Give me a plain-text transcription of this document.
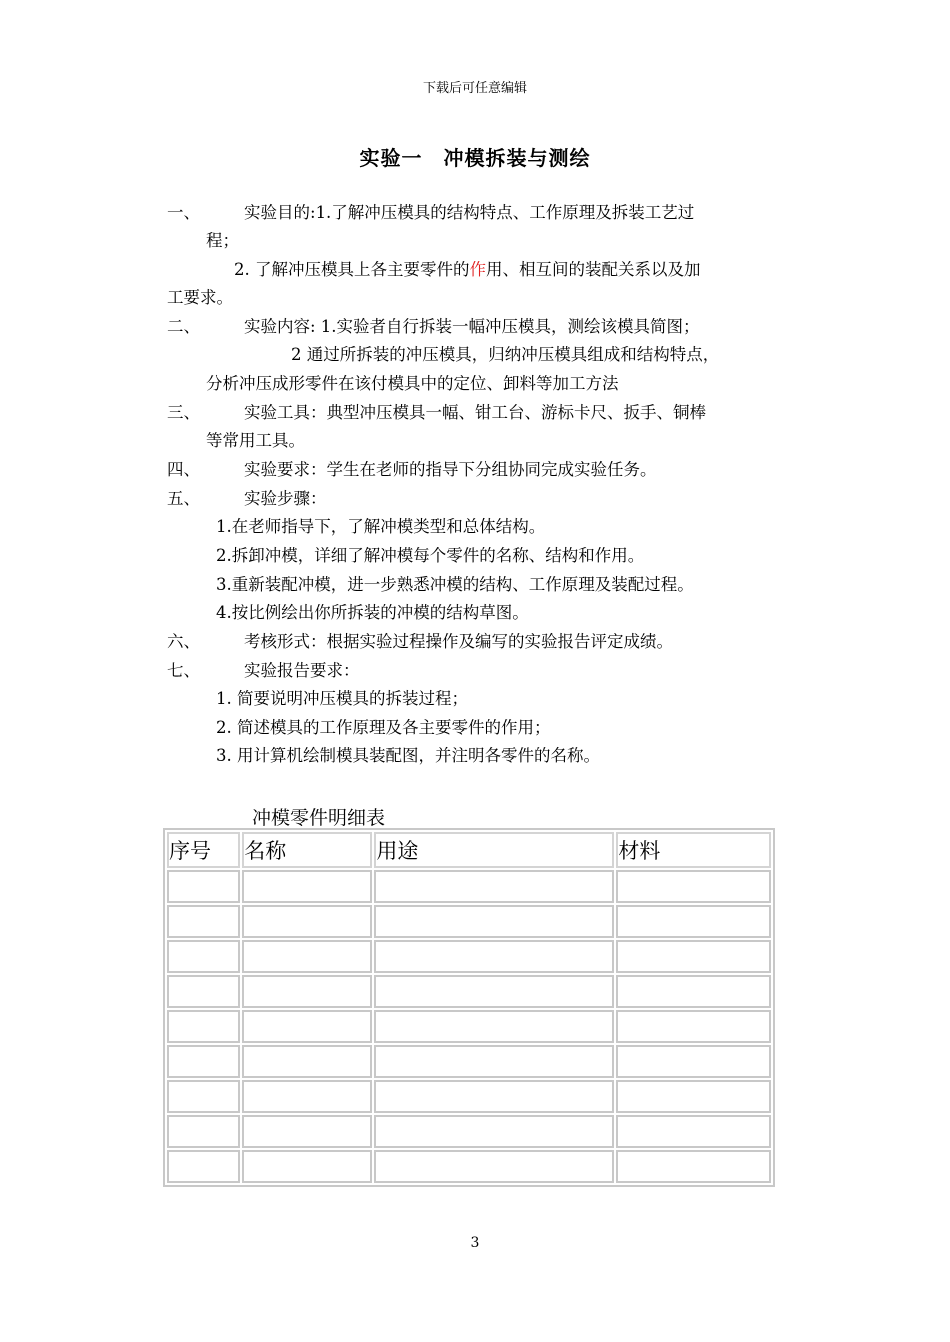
下载后可任意编辑
实验一　冲模拆装与测绘
一、	实验目的:1.了解冲压模具的结构特点、工作原理及拆装工艺过
程；
2. 了解冲压模具上各主要零件的作用、相互间的装配关系以及加
工要求。
二、	实验内容: 1.实验者自行拆装一幅冲压模具，测绘该模具简图；
2 通过所拆装的冲压模具，归纳冲压模具组成和结构特点，
分析冲压成形零件在该付模具中的定位、卸料等加工方法
三、	实验工具：典型冲压模具一幅、钳工台、游标卡尺、扳手、铜棒
等常用工具。
四、	实验要求：学生在老师的指导下分组协同完成实验任务。
五、	实验步骤：
1.在老师指导下，了解冲模类型和总体结构。
2.拆卸冲模，详细了解冲模每个零件的名称、结构和作用。
3.重新装配冲模，进一步熟悉冲模的结构、工作原理及装配过程。
4.按比例绘出你所拆装的冲模的结构草图。
六、	考核形式：根据实验过程操作及编写的实验报告评定成绩。
七、	实验报告要求：
1. 简要说明冲压模具的拆装过程；
2. 简述模具的工作原理及各主要零件的作用；
3. 用计算机绘制模具装配图，并注明各零件的名称。
冲模零件明细表
序号	名称	用途	材料

3
